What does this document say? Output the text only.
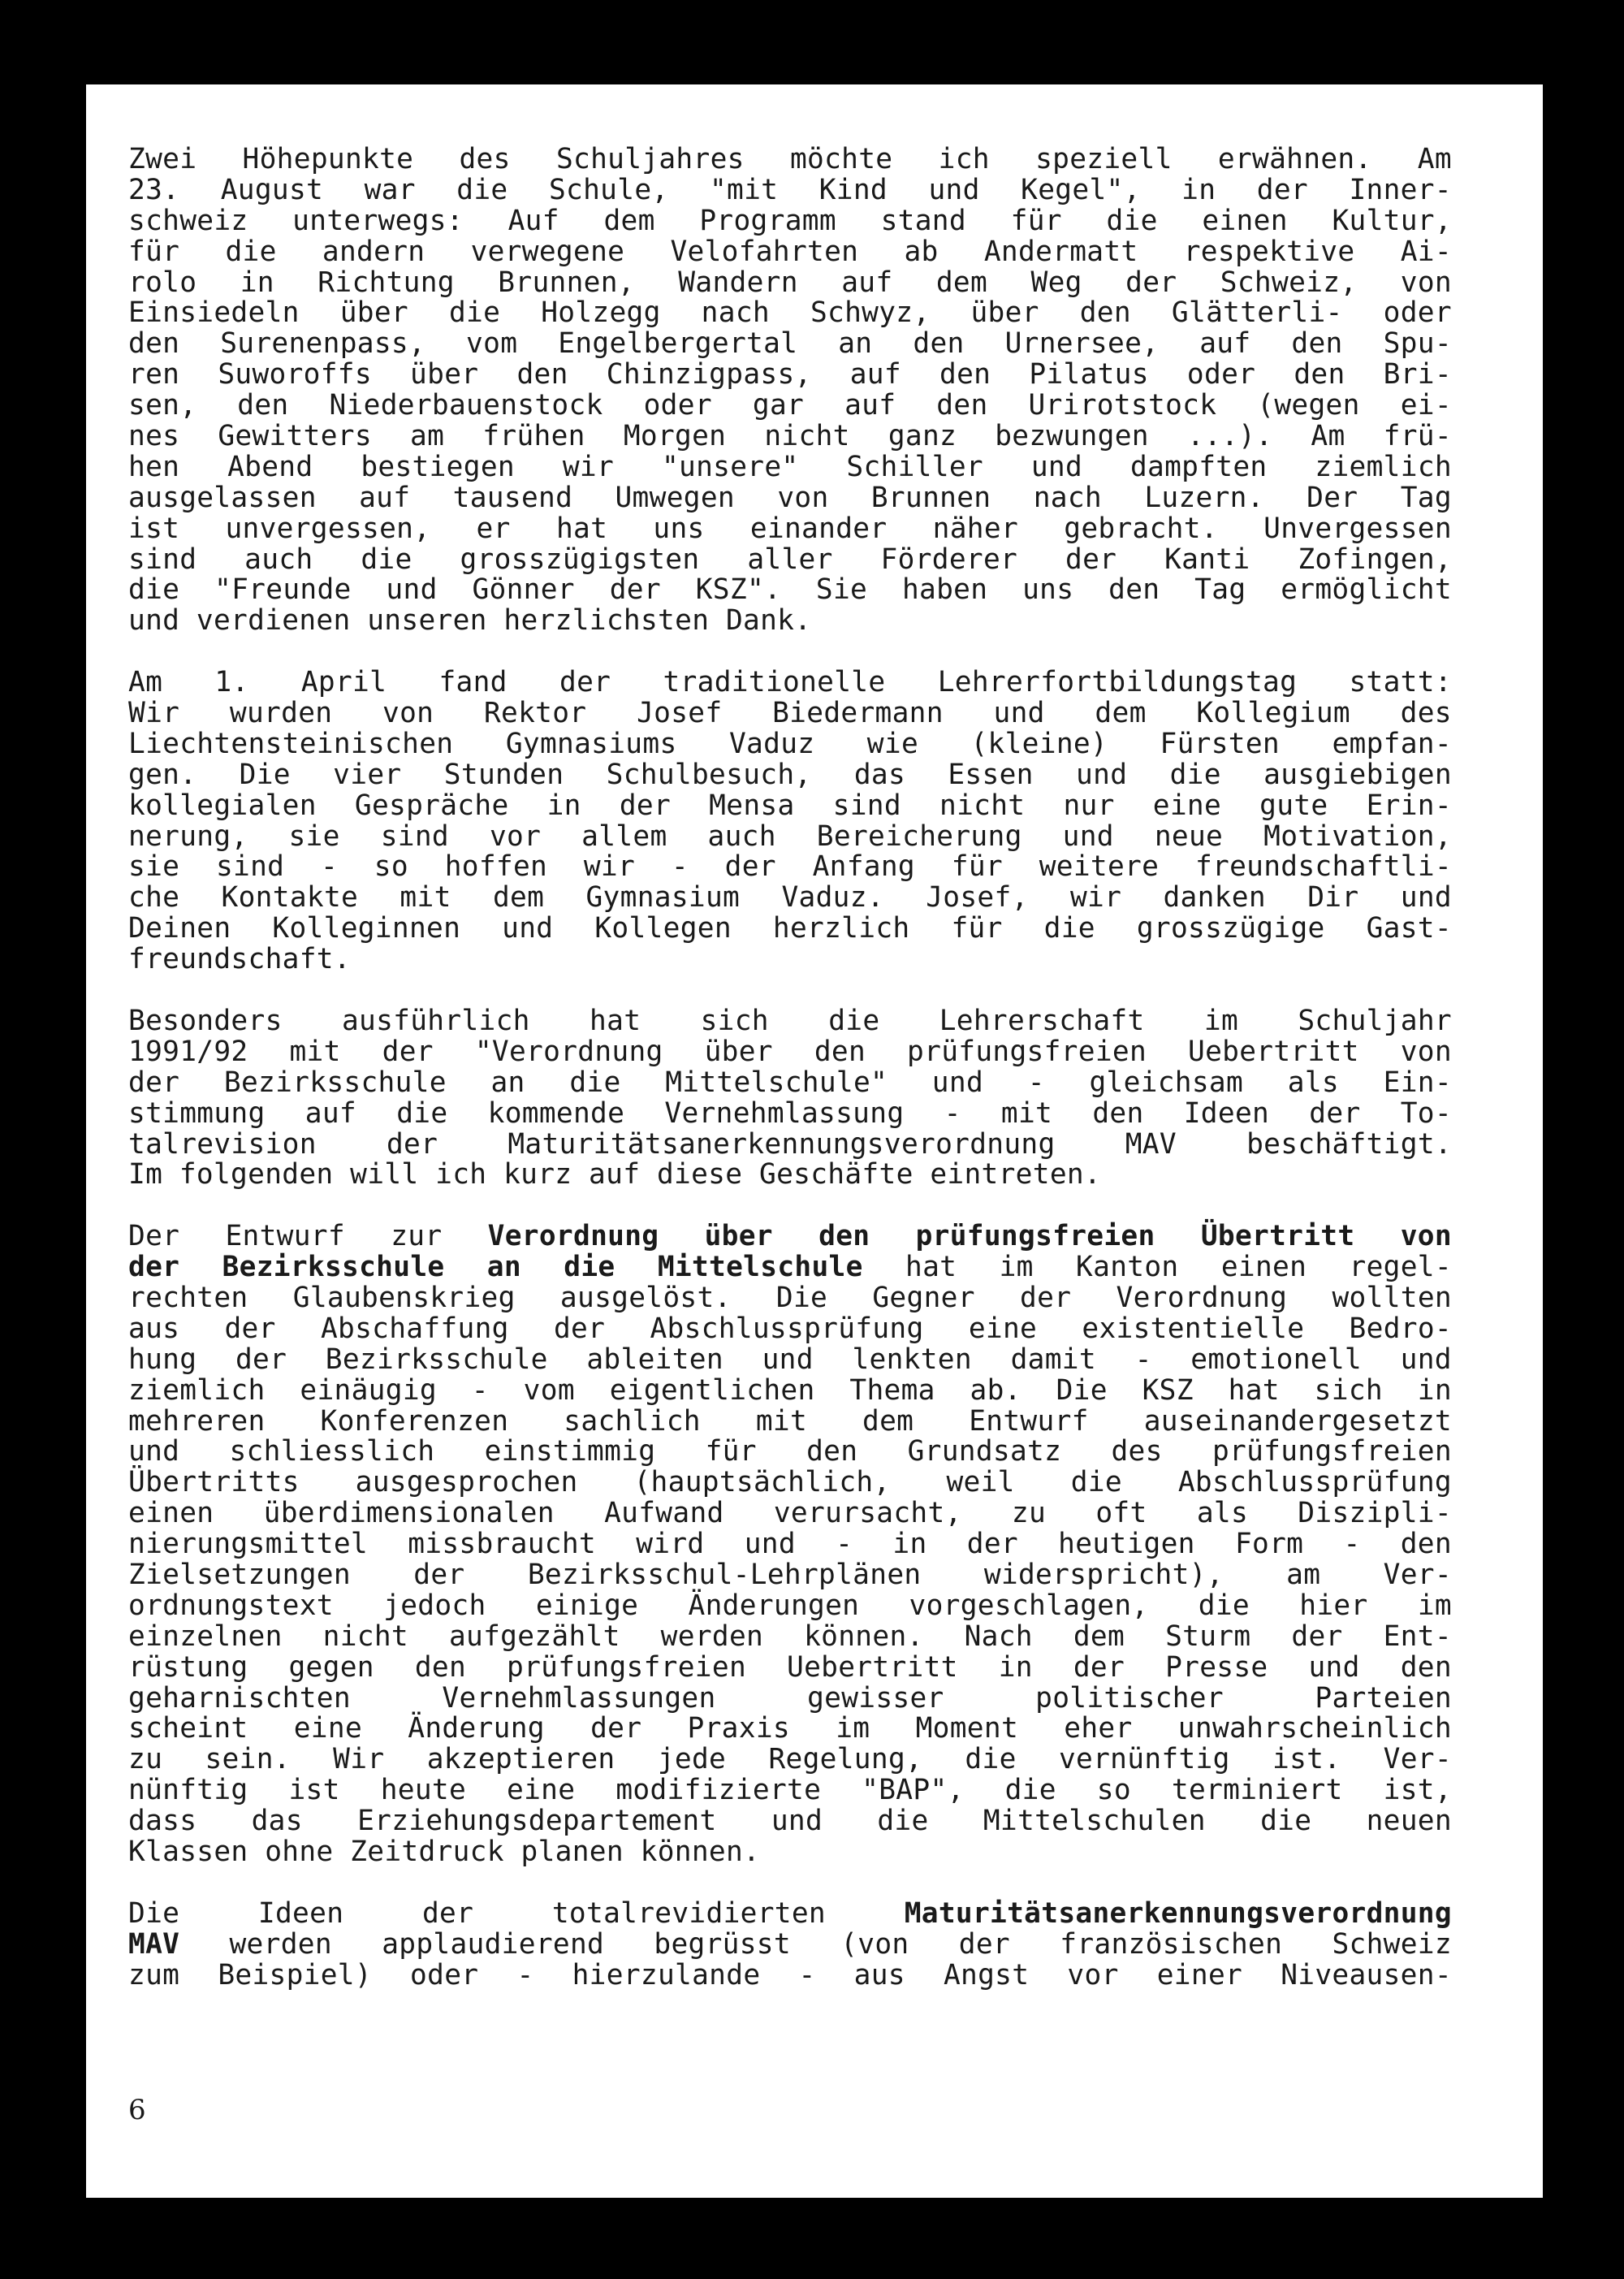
Zwei Höhepunkte des Schuljahres möchte ich speziell erwähnen. Am
23. August war die Schule, "mit Kind und Kegel", in der Inner-
schweiz unterwegs: Auf dem Programm stand für die einen Kultur,
für die andern verwegene Velofahrten ab Andermatt respektive Ai-
rolo in Richtung Brunnen, Wandern auf dem Weg der Schweiz, von
Einsiedeln über die Holzegg nach Schwyz, über den Glätterli- oder
den Surenenpass, vom Engelbergertal an den Urnersee, auf den Spu-
ren Suworoffs über den Chinzigpass, auf den Pilatus oder den Bri-
sen, den Niederbauenstock oder gar auf den Urirotstock (wegen ei-
nes Gewitters am frühen Morgen nicht ganz bezwungen ...). Am frü-
hen Abend bestiegen wir "unsere" Schiller und dampften ziemlich
ausgelassen auf tausend Umwegen von Brunnen nach Luzern. Der Tag
ist unvergessen, er hat uns einander näher gebracht. Unvergessen
sind auch die grosszügigsten aller Förderer der Kanti Zofingen,
die "Freunde und Gönner der KSZ". Sie haben uns den Tag ermöglicht
und verdienen unseren herzlichsten Dank.
Am 1. April fand der traditionelle Lehrerfortbildungstag statt:
Wir wurden von Rektor Josef Biedermann und dem Kollegium des
Liechtensteinischen Gymnasiums Vaduz wie (kleine) Fürsten empfan-
gen. Die vier Stunden Schulbesuch, das Essen und die ausgiebigen
kollegialen Gespräche in der Mensa sind nicht nur eine gute Erin-
nerung, sie sind vor allem auch Bereicherung und neue Motivation,
sie sind - so hoffen wir - der Anfang für weitere freundschaftli-
che Kontakte mit dem Gymnasium Vaduz. Josef, wir danken Dir und
Deinen Kolleginnen und Kollegen herzlich für die grosszügige Gast-
freundschaft.
Besonders ausführlich hat sich die Lehrerschaft im Schuljahr
1991/92 mit der "Verordnung über den prüfungsfreien Uebertritt von
der Bezirksschule an die Mittelschule" und - gleichsam als Ein-
stimmung auf die kommende Vernehmlassung - mit den Ideen der To-
talrevision der Maturitätsanerkennungsverordnung MAV beschäftigt.
Im folgenden will ich kurz auf diese Geschäfte eintreten.
Der Entwurf zur Verordnung über den prüfungsfreien Übertritt von
der Bezirksschule an die Mittelschule hat im Kanton einen regel-
rechten Glaubenskrieg ausgelöst. Die Gegner der Verordnung wollten
aus der Abschaffung der Abschlussprüfung eine existentielle Bedro-
hung der Bezirksschule ableiten und lenkten damit - emotionell und
ziemlich einäugig - vom eigentlichen Thema ab. Die KSZ hat sich in
mehreren Konferenzen sachlich mit dem Entwurf auseinandergesetzt
und schliesslich einstimmig für den Grundsatz des prüfungsfreien
Übertritts ausgesprochen (hauptsächlich, weil die Abschlussprüfung
einen überdimensionalen Aufwand verursacht, zu oft als Diszipli-
nierungsmittel missbraucht wird und - in der heutigen Form - den
Zielsetzungen der Bezirksschul-Lehrplänen widerspricht), am Ver-
ordnungstext jedoch einige Änderungen vorgeschlagen, die hier im
einzelnen nicht aufgezählt werden können. Nach dem Sturm der Ent-
rüstung gegen den prüfungsfreien Uebertritt in der Presse und den
geharnischten	Vernehmlassungen	gewisser	politischer	Parteien
scheint eine Änderung der Praxis im Moment eher unwahrscheinlich
zu sein. Wir akzeptieren jede Regelung, die vernünftig ist. Ver-
nünftig ist heute eine modifizierte "BAP", die so terminiert ist,
dass das Erziehungsdepartement und die Mittelschulen die neuen
Klassen ohne Zeitdruck planen können.
Die	Ideen	der	totalrevidierten	Maturitätsanerkennungsverordnung
MAV werden applaudierend begrüsst (von der französischen Schweiz
zum Beispiel) oder - hierzulande - aus Angst vor einer Niveausen-
6
